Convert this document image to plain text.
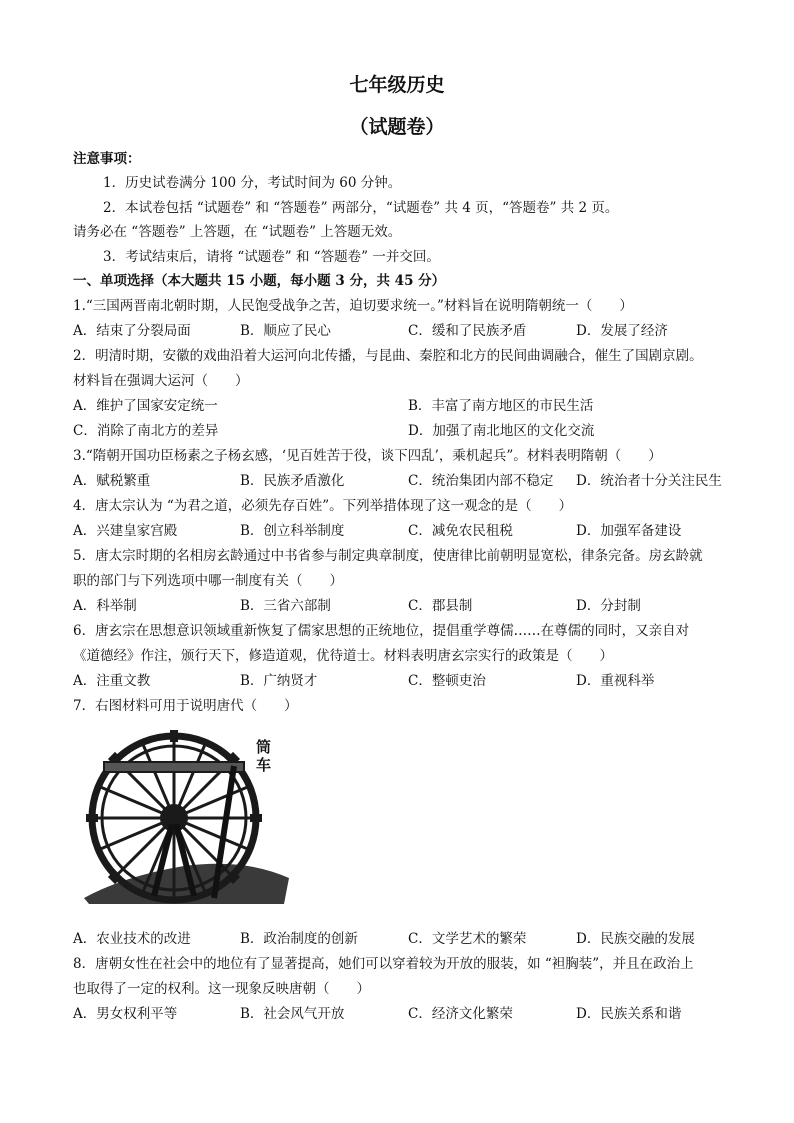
七年级历史
（试题卷）
注意事项：
1．历史试卷满分 100 分，考试时间为 60 分钟。
2．本试卷包括 “试题卷” 和 “答题卷” 两部分，“试题卷” 共 4 页，“答题卷” 共 2 页。
请务必在 “答题卷” 上答题，在 “试题卷” 上答题无效。
3．考试结束后，请将 “试题卷” 和 “答题卷” 一并交回。
一、单项选择（本大题共 15 小题，每小题 3 分，共 45 分）
1.“三国两晋南北朝时期，人民饱受战争之苦，迫切要求统一。”材料旨在说明隋朝统一（　　）
A．结束了分裂局面	B．顺应了民心	C．缓和了民族矛盾	D．发展了经济
2．明清时期，安徽的戏曲沿着大运河向北传播，与昆曲、秦腔和北方的民间曲调融合，催生了国剧京剧。
材料旨在强调大运河（　　）
A．维护了国家安定统一	B．丰富了南方地区的市民生活
C．消除了南北方的差异	D．加强了南北地区的文化交流
3.“隋朝开国功臣杨素之子杨玄感，‘见百姓苦于役，谈下四乱’，乘机起兵”。材料表明隋朝（　　）
A．赋税繁重	B．民族矛盾激化	C．统治集团内部不稳定 D．统治者十分关注民生
4．唐太宗认为 “为君之道，必须先存百姓”。下列举措体现了这一观念的是（　　）
A．兴建皇家宫殿	B．创立科举制度	C．减免农民租税	D．加强军备建设
5．唐太宗时期的名相房玄龄通过中书省参与制定典章制度，使唐律比前朝明显宽松，律条完备。房玄龄就
职的部门与下列选项中哪一制度有关（　　）
A．科举制	B．三省六部制	C．郡县制	D．分封制
6．唐玄宗在思想意识领域重新恢复了儒家思想的正统地位，提倡重学尊儒……在尊儒的同时，又亲自对
《道德经》作注，颁行天下，修造道观，优待道士。材料表明唐玄宗实行的政策是（　　）
A．注重文教	B．广纳贤才	C．整顿吏治	D．重视科举
7．右图材料可用于说明唐代（　　）
筒车
A．农业技术的改进	B．政治制度的创新	C．文学艺术的繁荣	D．民族交融的发展
8．唐朝女性在社会中的地位有了显著提高，她们可以穿着较为开放的服装，如 “袒胸装”，并且在政治上
也取得了一定的权利。这一现象反映唐朝（　　）
A．男女权利平等	B．社会风气开放	C．经济文化繁荣	D．民族关系和谐
